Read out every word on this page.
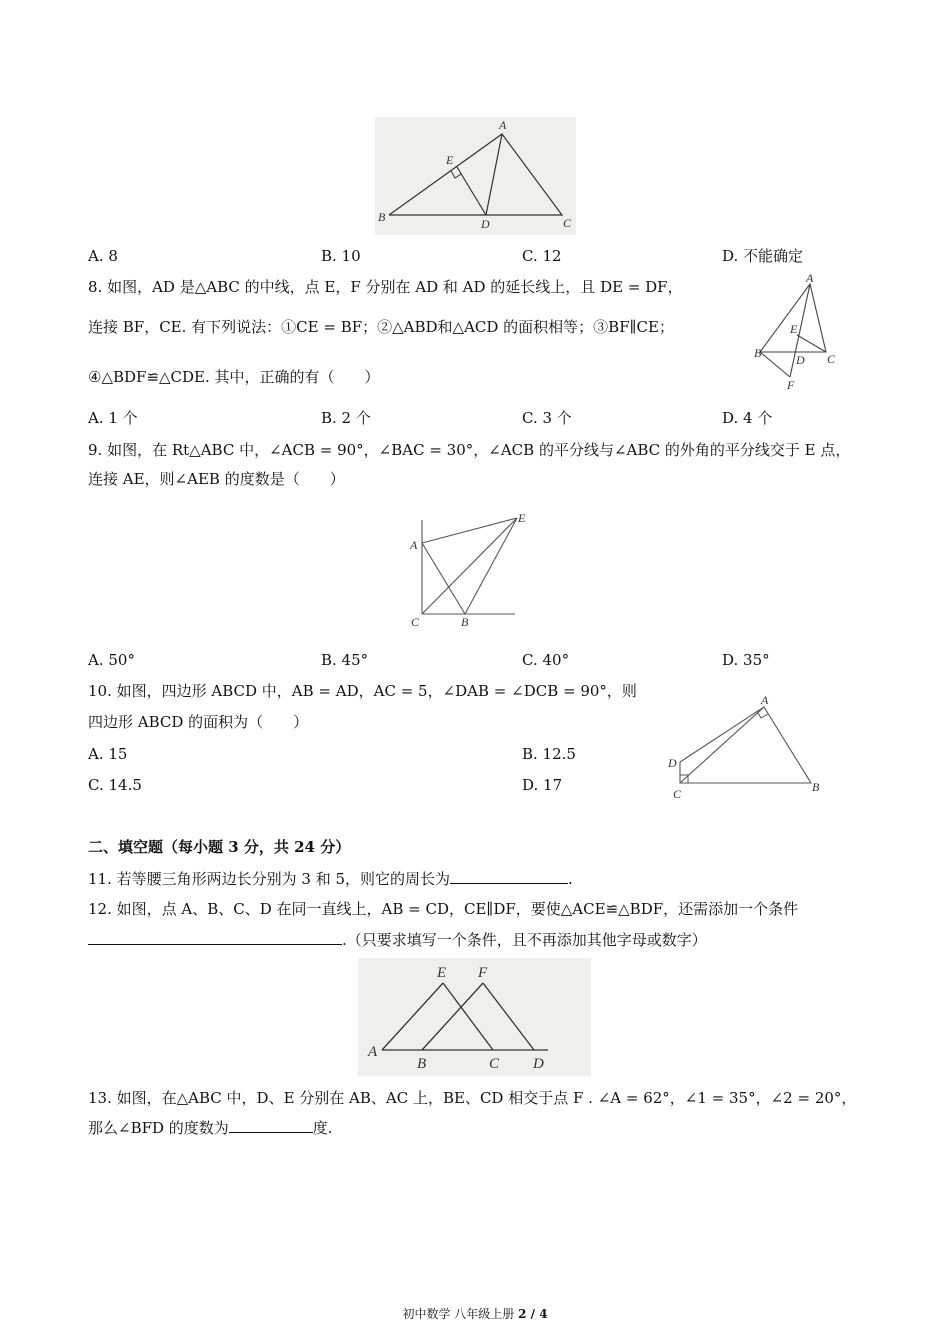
A
E
B	D	C
A. 8	B. 10	C. 12	D. 不能确定
8. 如图，AD 是△ABC 的中线，点 E，F 分别在 AD 和 AD 的延长线上，且 DE = DF，
连接 BF，CE. 有下列说法：①CE = BF；②△ABD和△ACD 的面积相等；③BF∥CE；
④△BDF≌△CDE. 其中，正确的有（　　）
A
E
B	D C
F
A. 1 个	B. 2 个	C. 3 个	D. 4 个
9. 如图，在 Rt△ABC 中，∠ACB = 90°，∠BAC = 30°，∠ACB 的平分线与∠ABC 的外角的平分线交于 E 点，
连接 AE，则∠AEB 的度数是（　　）
A
E
C	B
A. 50°	B. 45°	C. 40°	D. 35°
10. 如图，四边形 ABCD 中，AB = AD，AC = 5，∠DAB = ∠DCB = 90°，则
四边形 ABCD 的面积为（　　）
A. 15	B. 12.5
C. 14.5	D. 17
A
D
C	B
二、填空题（每小题 3 分，共 24 分）
11. 若等腰三角形两边长分别为 3 和 5，则它的周长为	.
12. 如图，点 A、B、C、D 在同一直线上，AB = CD，CE∥DF，要使△ACE≌△BDF，还需添加一个条件
.（只要求填写一个条件，且不再添加其他字母或数字）
E F
A
B	C D
13. 如图，在△ABC 中，D、E 分别在 AB、AC 上，BE、CD 相交于点 F . ∠A = 62°，∠1 = 35°，∠2 = 20°，
那么∠BFD 的度数为	度.
初中数学 八年级上册 2 / 4
